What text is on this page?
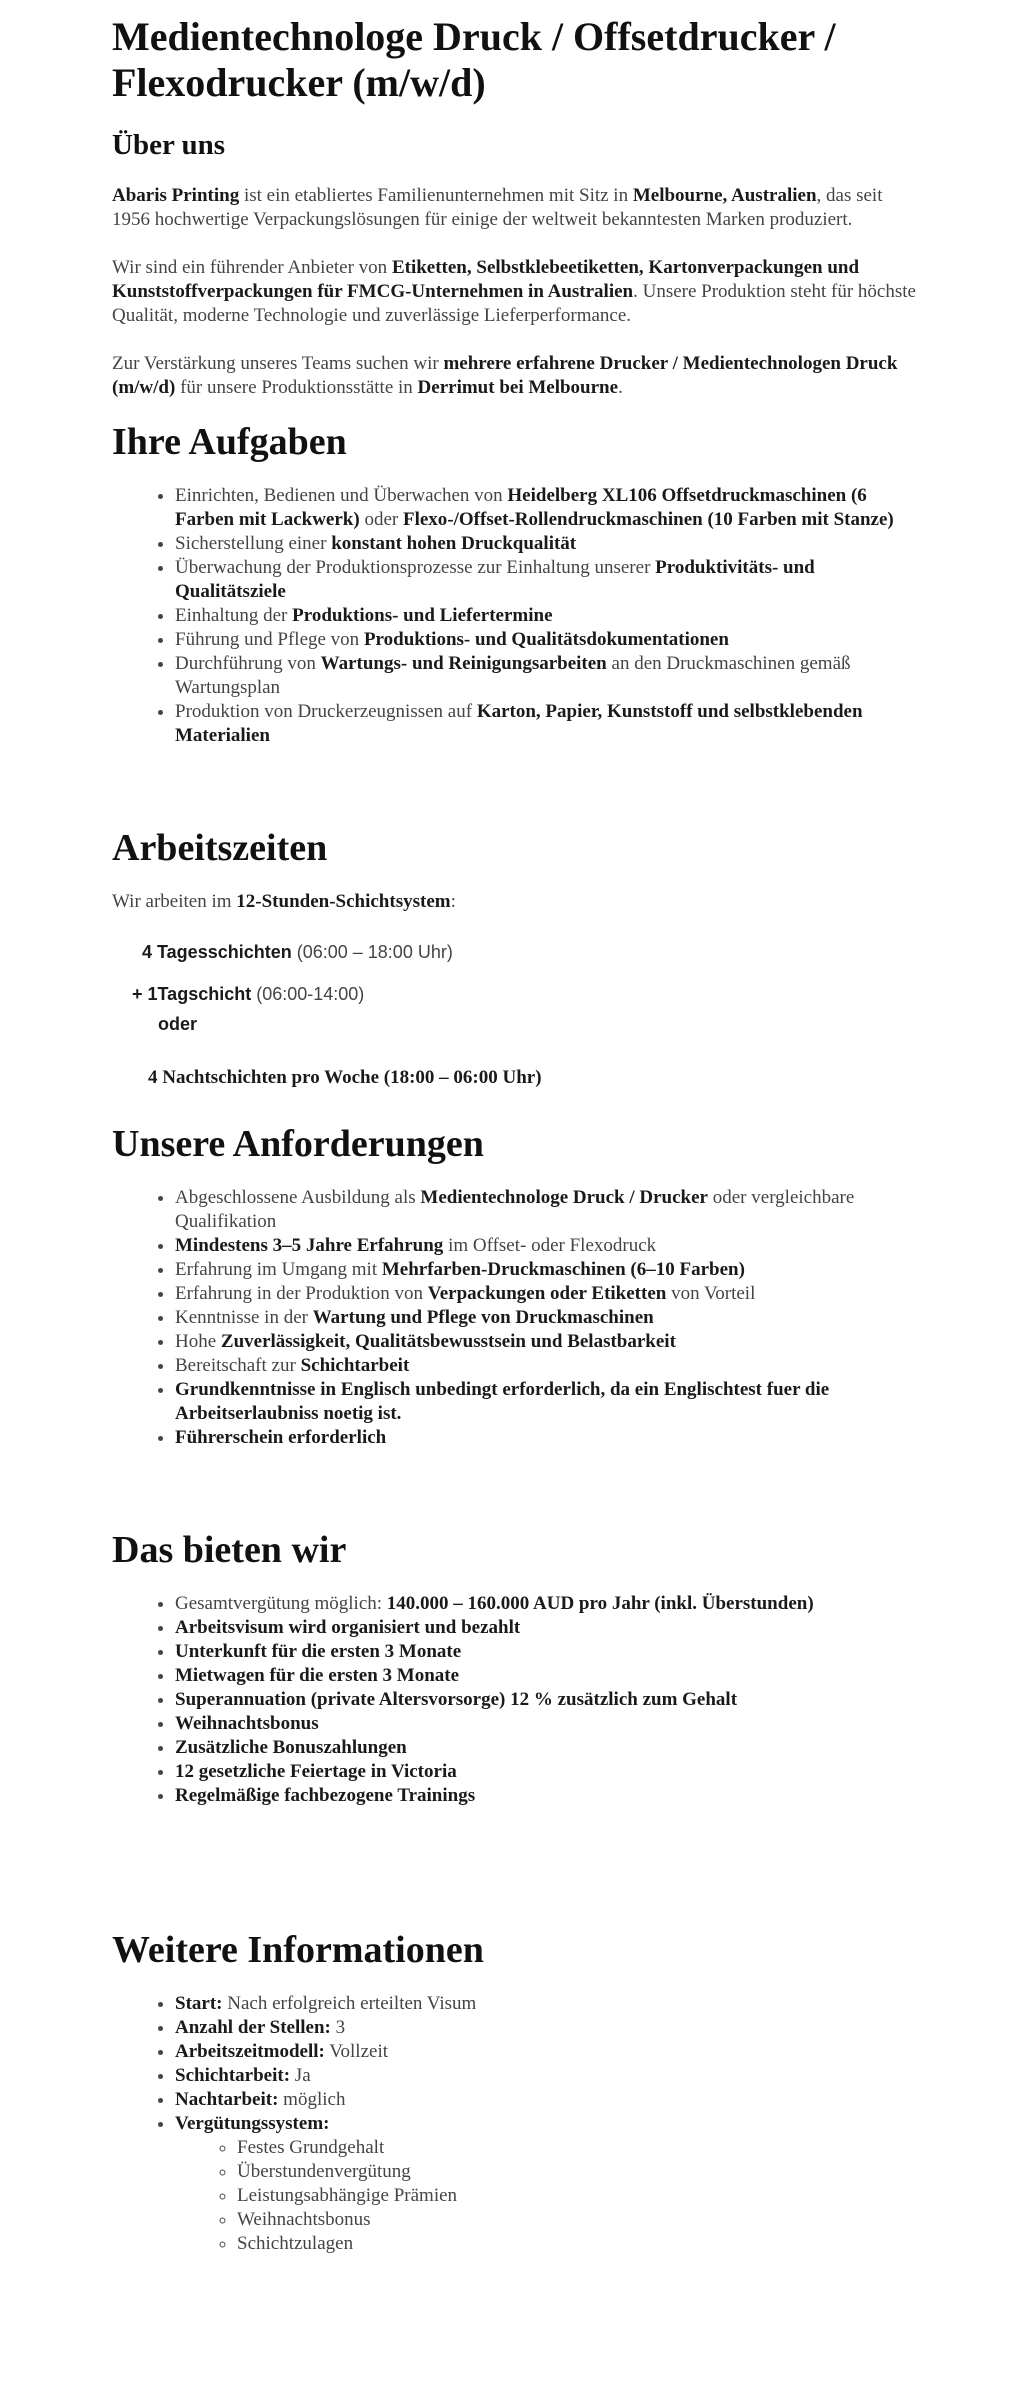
Medientechnologe Druck / Offsetdrucker / Flexodrucker (m/w/d)
Über uns

Abaris Printing ist ein etabliertes Familienunternehmen mit Sitz in Melbourne, Australien, das seit 1956 hochwertige Verpackungslösungen für einige der weltweit bekanntesten Marken produziert.

Wir sind ein führender Anbieter von Etiketten, Selbstklebeetiketten, Kartonverpackungen und Kunststoffverpackungen für FMCG-Unternehmen in Australien. Unsere Produktion steht für höchste Qualität, moderne Technologie und zuverlässige Lieferperformance.

Zur Verstärkung unseres Teams suchen wir mehrere erfahrene Drucker / Medientechnologen Druck (m/w/d) für unsere Produktionsstätte in Derrimut bei Melbourne.

Ihre Aufgaben
• Einrichten, Bedienen und Überwachen von Heidelberg XL106 Offsetdruckmaschinen (6 Farben mit Lackwerk) oder Flexo-/Offset-Rollendruckmaschinen (10 Farben mit Stanze)
• Sicherstellung einer konstant hohen Druckqualität
• Überwachung der Produktionsprozesse zur Einhaltung unserer Produktivitäts- und Qualitätsziele
• Einhaltung der Produktions- und Liefertermine
• Führung und Pflege von Produktions- und Qualitätsdokumentationen
• Durchführung von Wartungs- und Reinigungsarbeiten an den Druckmaschinen gemäß Wartungsplan
• Produktion von Druckerzeugnissen auf Karton, Papier, Kunststoff und selbstklebenden Materialien
Arbeitszeiten

Wir arbeiten im 12-Stunden-Schichtsystem:

4 Tagesschichten (06:00 – 18:00 Uhr)
+ 1Tagschicht (06:00-14:00)
oder
4 Nachtschichten pro Woche (18:00 – 06:00 Uhr)
Unsere Anforderungen
• Abgeschlossene Ausbildung als Medientechnologe Druck / Drucker oder vergleichbare Qualifikation
• Mindestens 3–5 Jahre Erfahrung im Offset- oder Flexodruck
• Erfahrung im Umgang mit Mehrfarben-Druckmaschinen (6–10 Farben)
• Erfahrung in der Produktion von Verpackungen oder Etiketten von Vorteil
• Kenntnisse in der Wartung und Pflege von Druckmaschinen
• Hohe Zuverlässigkeit, Qualitätsbewusstsein und Belastbarkeit
• Bereitschaft zur Schichtarbeit
• Grundkenntnisse in Englisch unbedingt erforderlich, da ein Englischtest fuer die Arbeitserlaubniss noetig ist.
• Führerschein erforderlich
Das bieten wir
• Gesamtvergütung möglich: 140.000 – 160.000 AUD pro Jahr (inkl. Überstunden)
• Arbeitsvisum wird organisiert und bezahlt
• Unterkunft für die ersten 3 Monate
• Mietwagen für die ersten 3 Monate
• Superannuation (private Altersvorsorge) 12 % zusätzlich zum Gehalt
• Weihnachtsbonus
• Zusätzliche Bonuszahlungen
• 12 gesetzliche Feiertage in Victoria
• Regelmäßige fachbezogene Trainings
Weitere Informationen
• Start: Nach erfolgreich erteilten Visum
• Anzahl der Stellen: 3
• Arbeitszeitmodell: Vollzeit
• Schichtarbeit: Ja
• Nachtarbeit: möglich
• Vergütungssystem:
◦ Festes Grundgehalt
◦ Überstundenvergütung
◦ Leistungsabhängige Prämien
◦ Weihnachtsbonus
◦ Schichtzulagen
